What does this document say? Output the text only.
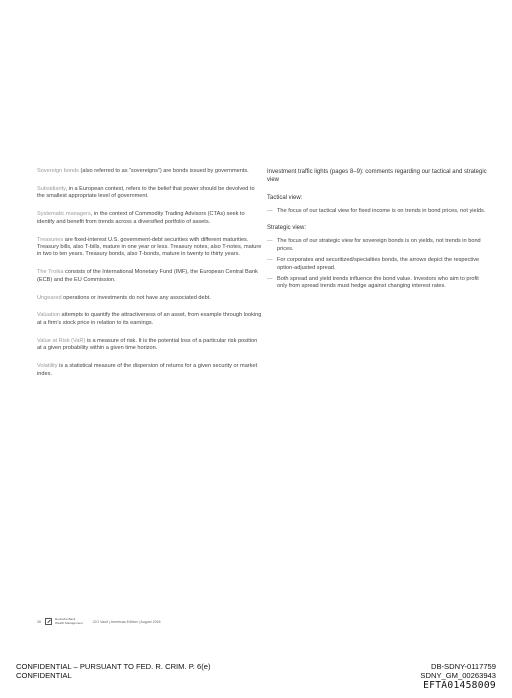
Sovereign bonds (also referred to as “sovereigns”) are bonds issued by governments.

Subsidiarity, in a European context, refers to the belief that power should be devolved to the smallest appropriate level of government.

Systematic managers, in the context of Commodity Trading Advisors (CTAs) seek to identify and benefit from trends across a diversified portfolio of assets.

Treasuries are fixed-interest U.S. government-debt securities with different maturities. Treasury bills, also T-bills, mature in one year or less. Treasury notes, also T-notes, mature in two to ten years. Treasury bonds, also T-bonds, mature in twenty to thirty years.

The Troika consists of the International Monetary Fund (IMF), the European Central Bank (ECB) and the EU Commission.

Ungeared operations or investments do not have any associated debt.

Valuation attempts to quantify the attractiveness of an asset, from example through looking at a firm’s stock price in relation to its earnings.

Value at Risk (VaR) is a measure of risk. It is the potential loss of a particular risk position at a given probability within a given time horizon.

Volatility is a statistical measure of the dispersion of returns for a given security or market index.

Investment traffic lights (pages 8–9): comments regarding our tactical and strategic view

Tactical view:

— The focus of our tactical view for fixed income is on trends in bond prices, not yields.

Strategic view:

— The focus of our strategic view for sovereign bonds is on yields, not trends in bond prices.

— For corporates and securitized/specialties bonds, the arrows depict the respective option-adjusted spread.

— Both spread and yield trends influence the bond value. Investors who aim to profit only from spread trends must hedge against changing interest rates.

26
Deutsche Bank
Wealth Management	CIO Vault | Americas Edition | August 2018
CONFIDENTIAL – PURSUANT TO FED. R. CRIM. P. 6(e)
CONFIDENTIAL
DB-SDNY-0117759
SDNY_GM_00263943
EFTA01458009
